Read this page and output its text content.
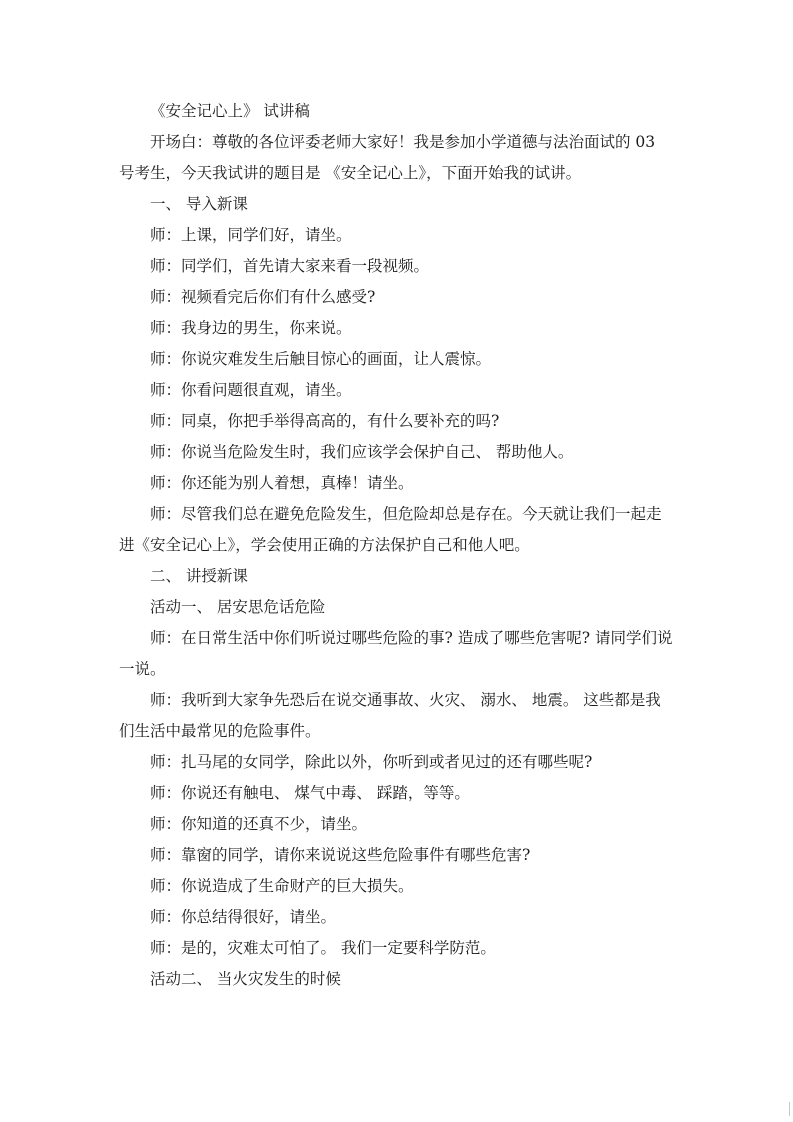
《安全记心上》 试讲稿

开场白：尊敬的各位评委老师大家好！我是参加小学道德与法治面试的 03 号考生，今天我试讲的题目是 《安全记心上》，下面开始我的试讲。

一、 导入新课

师：上课，同学们好，请坐。

师：同学们，首先请大家来看一段视频。

师：视频看完后你们有什么感受?

师：我身边的男生，你来说。

师：你说灾难发生后触目惊心的画面，让人震惊。

师：你看问题很直观，请坐。

师：同桌，你把手举得高高的，有什么要补充的吗?

师：你说当危险发生时，我们应该学会保护自己、 帮助他人。

师：你还能为别人着想，真棒！请坐。

师：尽管我们总在避免危险发生，但危险却总是存在。今天就让我们一起走进《安全记心上》，学会使用正确的方法保护自己和他人吧。

二、 讲授新课

活动一、 居安思危话危险

师：在日常生活中你们听说过哪些危险的事? 造成了哪些危害呢? 请同学们说一说。

师：我听到大家争先恐后在说交通事故、火灾、 溺水、 地震。 这些都是我们生活中最常见的危险事件。

师：扎马尾的女同学，除此以外，你听到或者见过的还有哪些呢?

师：你说还有触电、 煤气中毒、 踩踏，等等。

师：你知道的还真不少，请坐。

师：靠窗的同学，请你来说说这些危险事件有哪些危害?

师：你说造成了生命财产的巨大损失。

师：你总结得很好，请坐。

师：是的，灾难太可怕了。 我们一定要科学防范。

活动二、 当火灾发生的时候
